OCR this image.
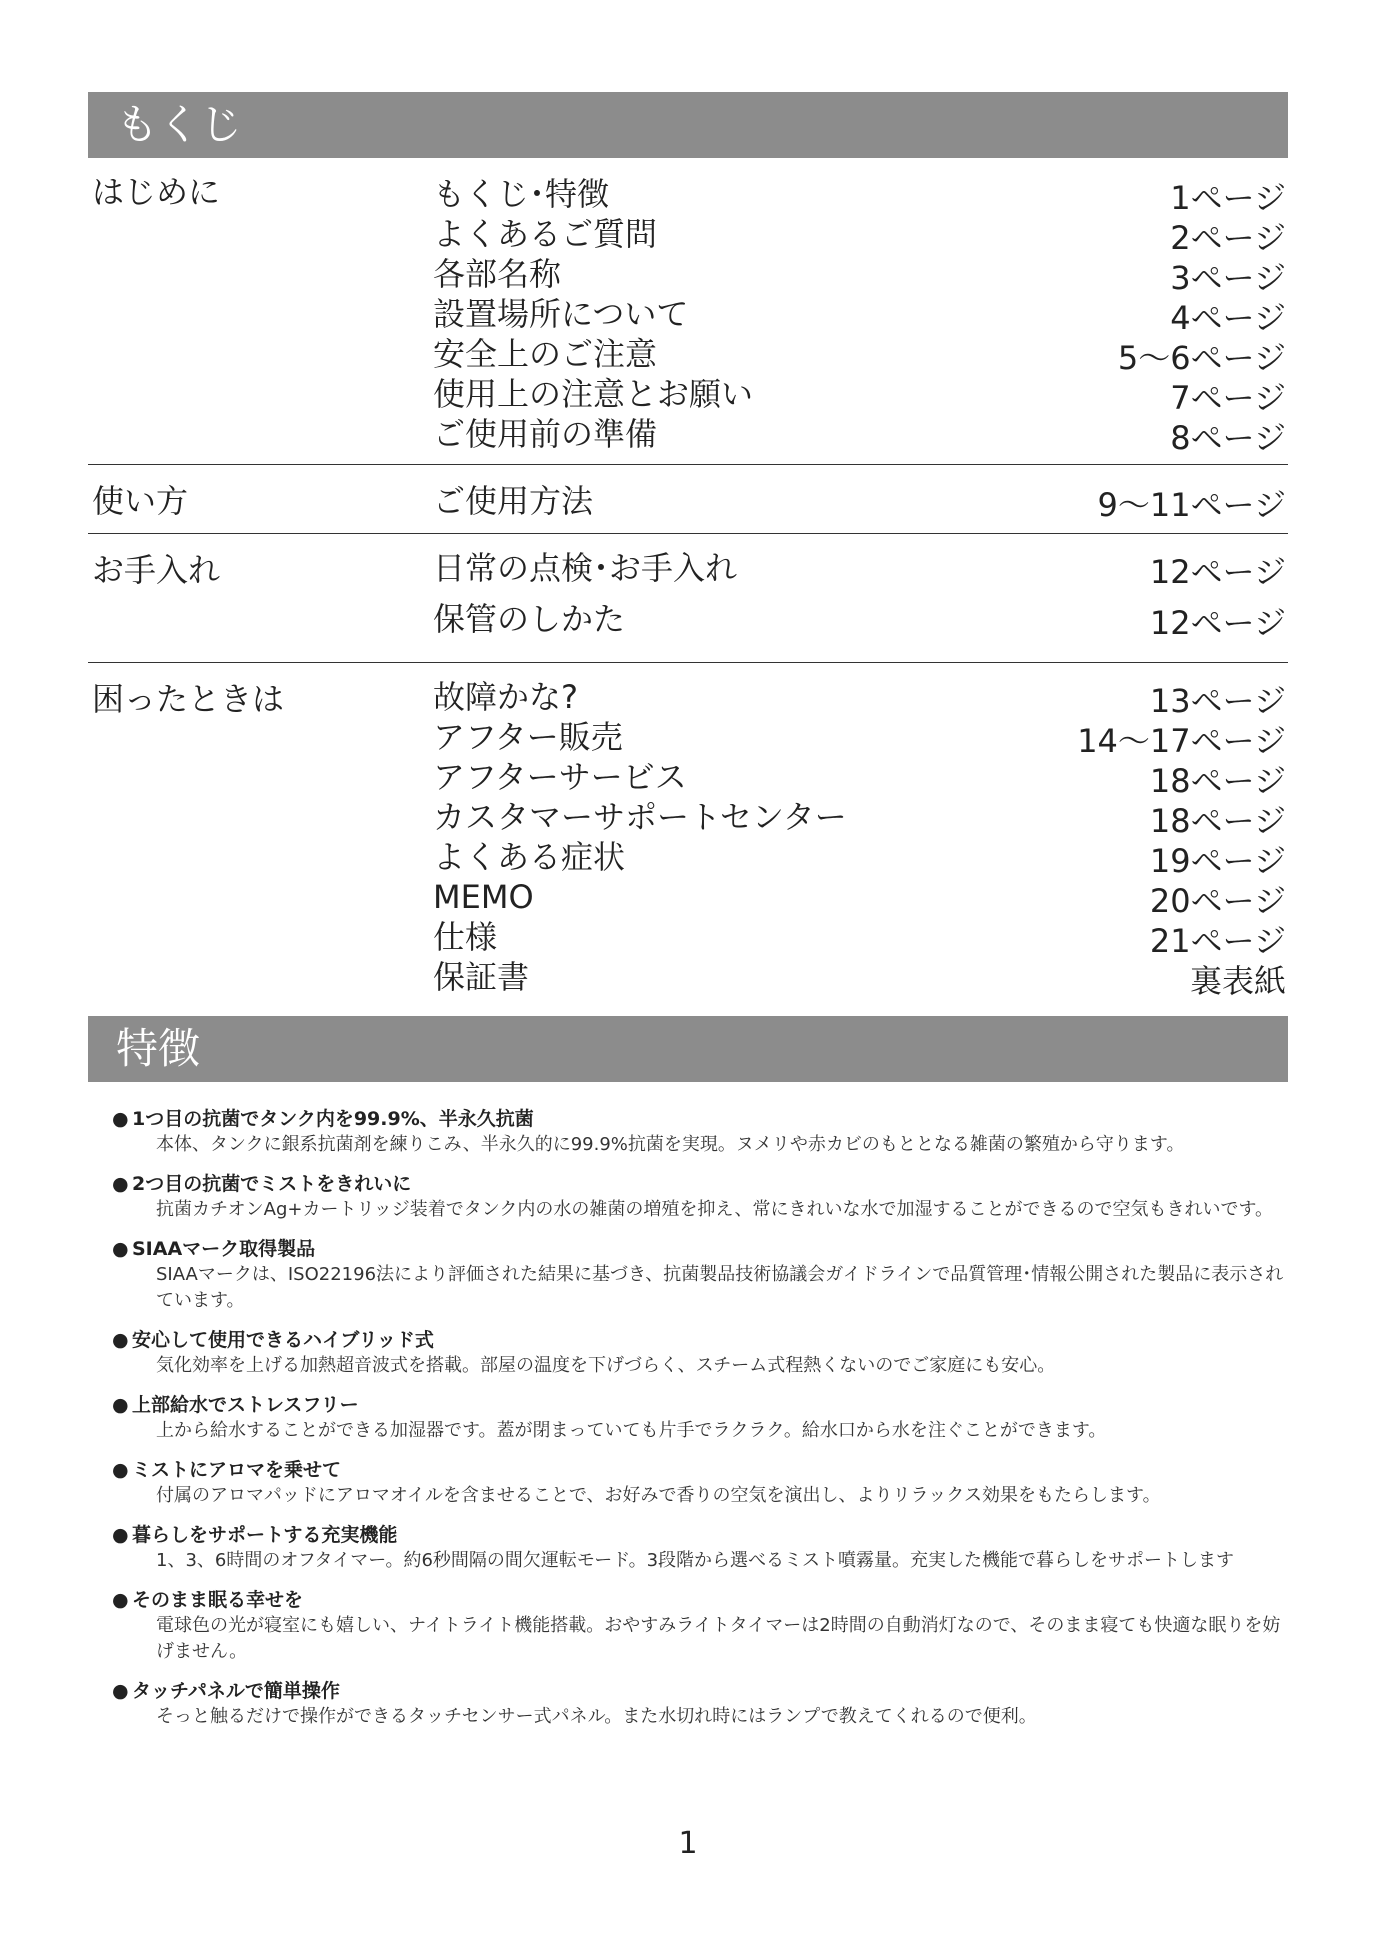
もくじ
はじめに	もくじ･特徴	1ページ
よくあるご質問	2ページ
各部名称	3ページ
設置場所について	4ページ
安全上のご注意	5～6ページ
使用上の注意とお願い	7ページ
ご使用前の準備	8ページ
使い方	ご使用方法	9～11ページ
お手入れ	日常の点検･お手入れ	12ページ
保管のしかた	12ページ
困ったときは	故障かな?	13ページ
アフター販売	14～17ページ
アフターサービス	18ページ
カスタマーサポートセンター	18ページ
よくある症状	19ページ
MEMO	20ページ
仕様	21ページ
保証書	裏表紙
特徴
● 1つ目の抗菌でタンク内を99.9%、半永久抗菌
本体、タンクに銀系抗菌剤を練りこみ、半永久的に99.9%抗菌を実現。ヌメリや赤カビのもととなる雑菌の繁殖から守ります。
● 2つ目の抗菌でミストをきれいに
抗菌カチオンAg+カートリッジ装着でタンク内の水の雑菌の増殖を抑え、常にきれいな水で加湿することができるので空気もきれいです。
● SIAAマーク取得製品
SIAAマークは、ISO22196法により評価された結果に基づき、抗菌製品技術協議会ガイドラインで品質管理･情報公開された製品に表示されています。
● 安心して使用できるハイブリッド式
気化効率を上げる加熱超音波式を搭載。部屋の温度を下げづらく、スチーム式程熱くないのでご家庭にも安心。
● 上部給水でストレスフリー
上から給水することができる加湿器です。蓋が閉まっていても片手でラクラク。給水口から水を注ぐことができます。
● ミストにアロマを乗せて
付属のアロマパッドにアロマオイルを含ませることで、お好みで香りの空気を演出し、よりリラックス効果をもたらします。
● 暮らしをサポートする充実機能
1、3、6時間のオフタイマー。約6秒間隔の間欠運転モード。3段階から選べるミスト噴霧量。充実した機能で暮らしをサポートします
● そのまま眠る幸せを
電球色の光が寝室にも嬉しい、ナイトライト機能搭載。おやすみライトタイマーは2時間の自動消灯なので、そのまま寝ても快適な眠りを妨げません。
● タッチパネルで簡単操作
そっと触るだけで操作ができるタッチセンサー式パネル。また水切れ時にはランプで教えてくれるので便利。
1
